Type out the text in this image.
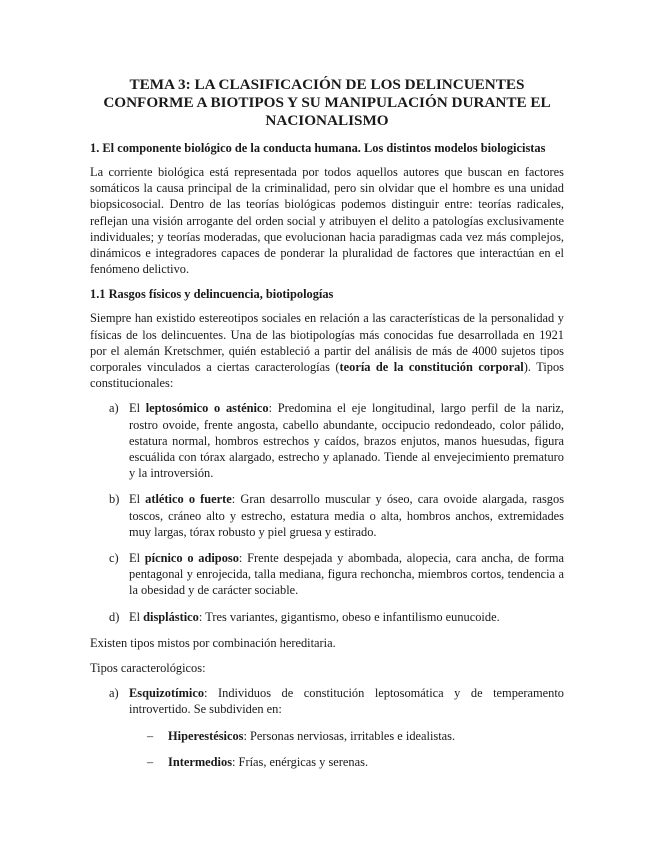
TEMA 3: LA CLASIFICACIÓN DE LOS DELINCUENTES CONFORME A BIOTIPOS Y SU MANIPULACIÓN DURANTE EL NACIONALISMO
1. El componente biológico de la conducta humana. Los distintos modelos biologicistas

La corriente biológica está representada por todos aquellos autores que buscan en factores somáticos la causa principal de la criminalidad, pero sin olvidar que el hombre es una unidad biopsicosocial. Dentro de las teorías biológicas podemos distinguir entre: teorías radicales, reflejan una visión arrogante del orden social y atribuyen el delito a patologías exclusivamente individuales; y teorías moderadas, que evolucionan hacia paradigmas cada vez más complejos, dinámicos e integradores capaces de ponderar la pluralidad de factores que interactúan en el fenómeno delictivo.

1.1 Rasgos físicos y delincuencia, biotipologías

Siempre han existido estereotipos sociales en relación a las características de la personalidad y físicas de los delincuentes. Una de las biotipologías más conocidas fue desarrollada en 1921 por el alemán Kretschmer, quién estableció a partir del análisis de más de 4000 sujetos tipos corporales vinculados a ciertas caracterologías (teoría de la constitución corporal). Tipos constitucionales:

a) El leptosómico o asténico: Predomina el eje longitudinal, largo perfil de la nariz, rostro ovoide, frente angosta, cabello abundante, occipucio redondeado, color pálido, estatura normal, hombros estrechos y caídos, brazos enjutos, manos huesudas, figura escuálida con tórax alargado, estrecho y aplanado. Tiende al envejecimiento prematuro y la introversión.
b) El atlético o fuerte: Gran desarrollo muscular y óseo, cara ovoide alargada, rasgos toscos, cráneo alto y estrecho, estatura media o alta, hombros anchos, extremidades muy largas, tórax robusto y piel gruesa y estirado.
c) El pícnico o adiposo: Frente despejada y abombada, alopecia, cara ancha, de forma pentagonal y enrojecida, talla mediana, figura rechoncha, miembros cortos, tendencia a la obesidad y de carácter sociable.
d) El displástico: Tres variantes, gigantismo, obeso e infantilismo eunucoide.

Existen tipos mistos por combinación hereditaria.

Tipos caracterológicos:

a) Esquizotímico: Individuos de constitución leptosomática y de temperamento introvertido. Se subdividen en:
– Hiperestésicos: Personas nerviosas, irritables e idealistas.
– Intermedios: Frías, enérgicas y serenas.
